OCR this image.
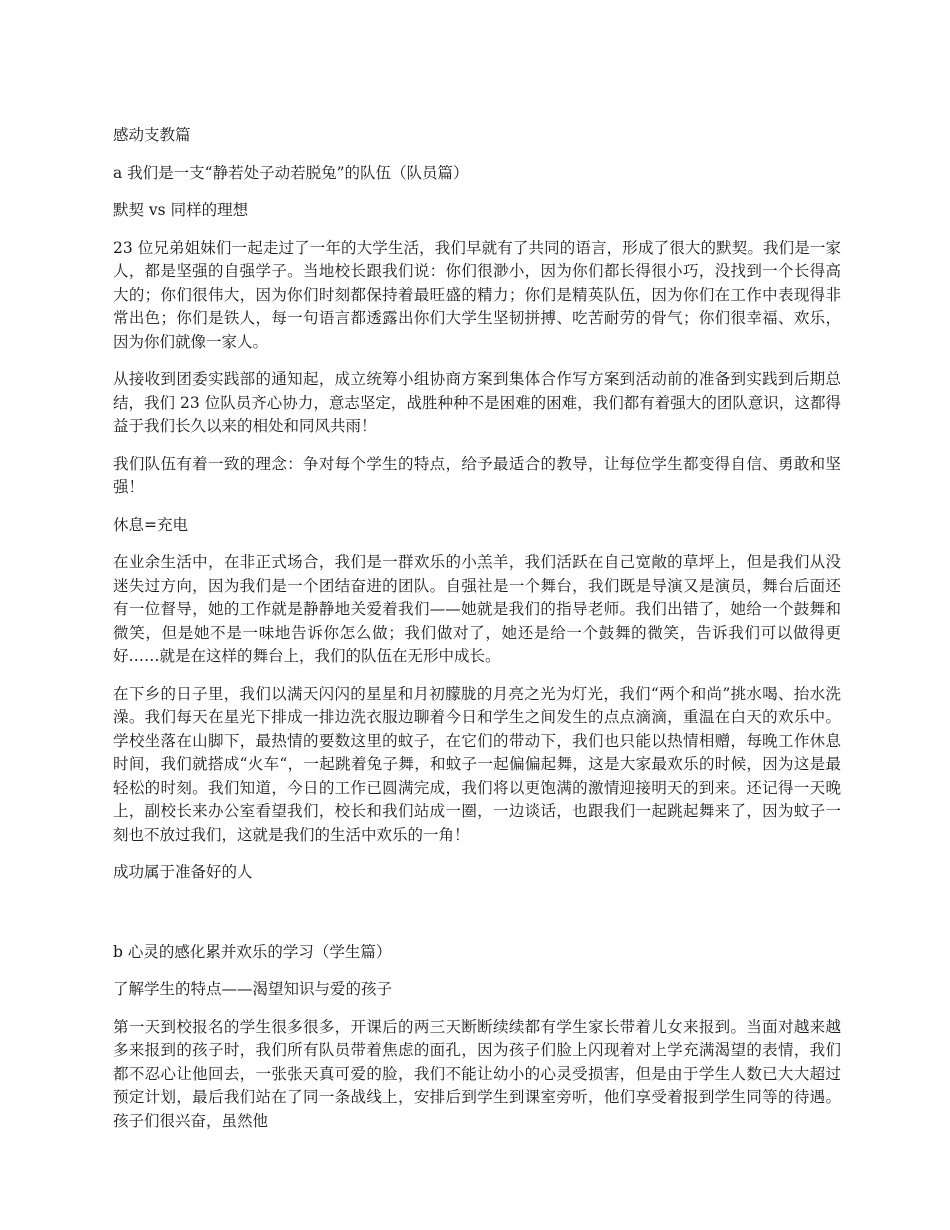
感动支教篇
a 我们是一支“静若处子动若脱兔”的队伍（队员篇）
默契 vs 同样的理想
23 位兄弟姐妹们一起走过了一年的大学生活，我们早就有了共同的语言，形成了很大的默契。我们是一家人，都是坚强的自强学子。当地校长跟我们说：你们很渺小，因为你们都长得很小巧，没找到一个长得高大的；你们很伟大，因为你们时刻都保持着最旺盛的精力；你们是精英队伍，因为你们在工作中表现得非常出色；你们是铁人，每一句语言都透露出你们大学生坚韧拼搏、吃苦耐劳的骨气；你们很幸福、欢乐，因为你们就像一家人。
从接收到团委实践部的通知起，成立统筹小组协商方案到集体合作写方案到活动前的准备到实践到后期总结，我们 23 位队员齐心协力，意志坚定，战胜种种不是困难的困难，我们都有着强大的团队意识，这都得益于我们长久以来的相处和同风共雨！
我们队伍有着一致的理念：争对每个学生的特点，给予最适合的教导，让每位学生都变得自信、勇敢和坚强！
休息=充电
在业余生活中，在非正式场合，我们是一群欢乐的小羔羊，我们活跃在自己宽敞的草坪上，但是我们从没迷失过方向，因为我们是一个团结奋进的团队。自强社是一个舞台，我们既是导演又是演员，舞台后面还有一位督导，她的工作就是静静地关爱着我们——她就是我们的指导老师。我们出错了，她给一个鼓舞和微笑，但是她不是一味地告诉你怎么做；我们做对了，她还是给一个鼓舞的微笑，告诉我们可以做得更好……就是在这样的舞台上，我们的队伍在无形中成长。
在下乡的日子里，我们以满天闪闪的星星和月初朦胧的月亮之光为灯光，我们“两个和尚”挑水喝、抬水洗澡。我们每天在星光下排成一排边洗衣服边聊着今日和学生之间发生的点点滴滴，重温在白天的欢乐中。学校坐落在山脚下，最热情的要数这里的蚊子，在它们的带动下，我们也只能以热情相赠，每晚工作休息时间，我们就搭成“火车“，一起跳着兔子舞，和蚊子一起偏偏起舞，这是大家最欢乐的时候，因为这是最轻松的时刻。我们知道，今日的工作已圆满完成，我们将以更饱满的激情迎接明天的到来。还记得一天晚上，副校长来办公室看望我们，校长和我们站成一圈，一边谈话，也跟我们一起跳起舞来了，因为蚊子一刻也不放过我们，这就是我们的生活中欢乐的一角！
成功属于准备好的人
b 心灵的感化累并欢乐的学习（学生篇）
了解学生的特点——渴望知识与爱的孩子
第一天到校报名的学生很多很多，开课后的两三天断断续续都有学生家长带着儿女来报到。当面对越来越多来报到的孩子时，我们所有队员带着焦虑的面孔，因为孩子们脸上闪现着对上学充满渴望的表情，我们都不忍心让他回去，一张张天真可爱的脸，我们不能让幼小的心灵受损害，但是由于学生人数已大大超过预定计划，最后我们站在了同一条战线上，安排后到学生到课室旁听，他们享受着报到学生同等的待遇。孩子们很兴奋，虽然他
